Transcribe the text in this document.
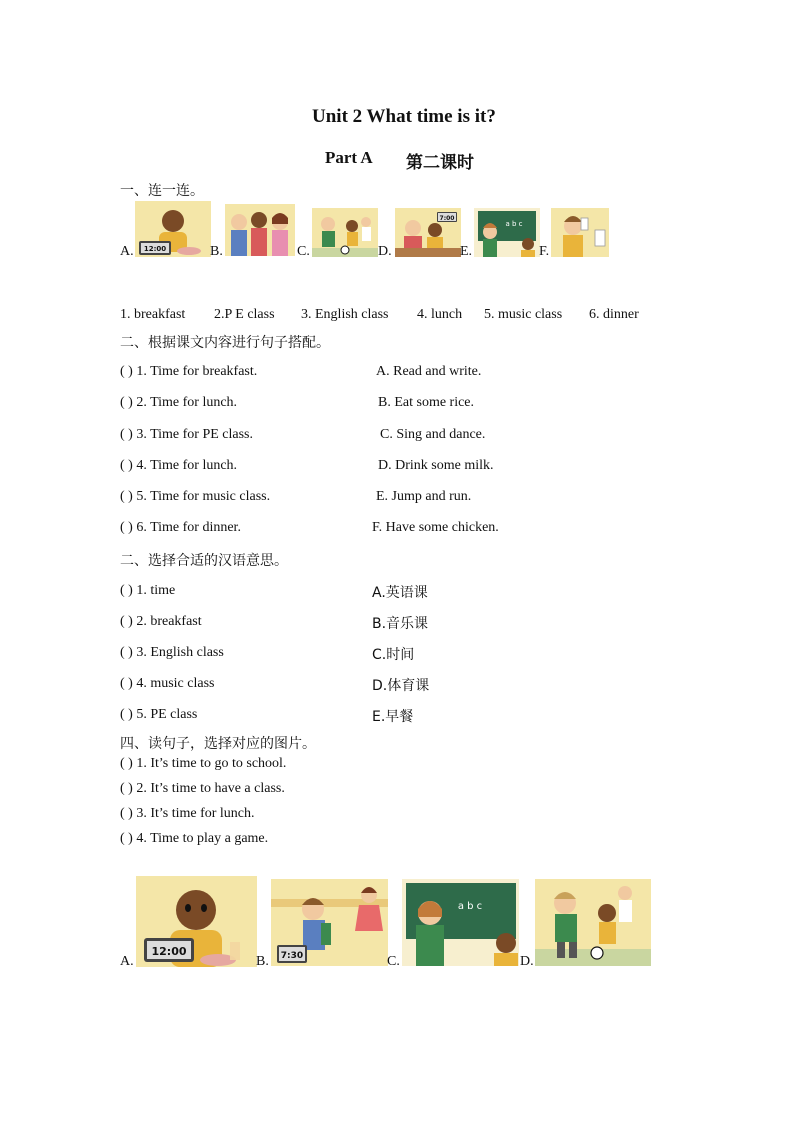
Unit 2 What time is it?
Part A 第二课时
一、连一连。
12:00
A.	B.	C.
7:00
D.
a b c
E.	F.
1. breakfast 2.P E class 3. English class 4. lunch 5. music class 6. dinner
二、根据课文内容进行句子搭配。
( ) 1. Time for breakfast.	A. Read and write.
( ) 2. Time for lunch.	B. Eat some rice.
( ) 3. Time for PE class.	C. Sing and dance.
( ) 4. Time for lunch.	D. Drink some milk.
( ) 5. Time for music class.	E. Jump and run.
( ) 6. Time for dinner.	F. Have some chicken.
二、选择合适的汉语意思。
( ) 1. time	A.英语课
( ) 2. breakfast	B.音乐课
( ) 3. English class	C.时间
( ) 4. music class	D.体育课
( ) 5. PE class	E.早餐
四、读句子，选择对应的图片。
( ) 1. It’s time to go to school.
( ) 2. It’s time to have a class.
( ) 3. It’s time for lunch.
( ) 4. Time to play a game.
12:00
A.	7:30
B.
a b c
C.	D.
